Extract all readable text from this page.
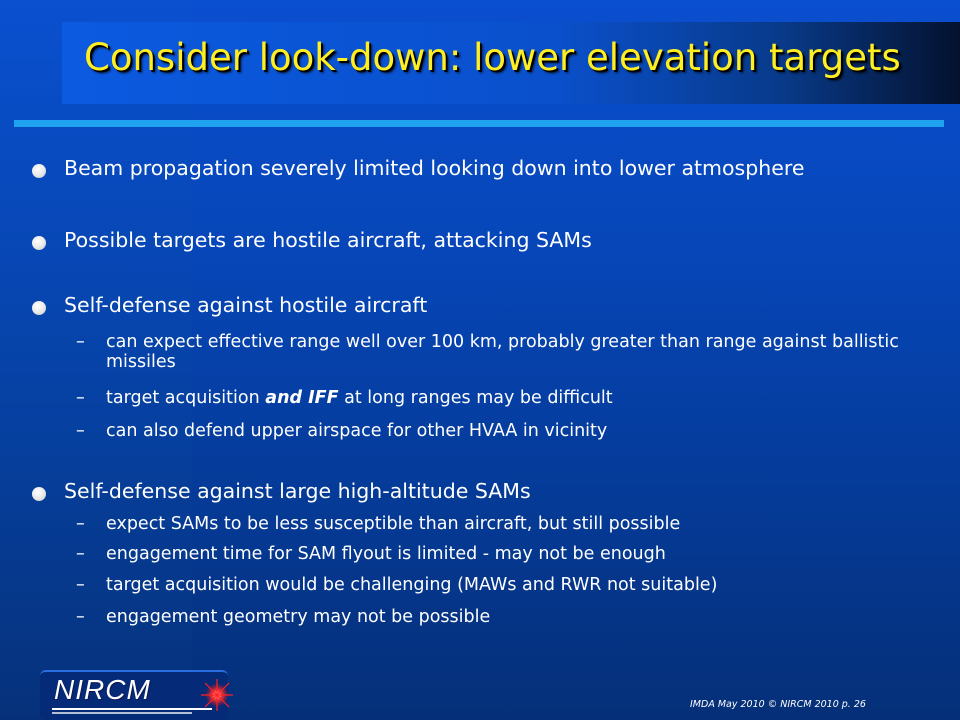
Consider look-down: lower elevation targets
Beam propagation severely limited looking down into lower atmosphere
Possible targets are hostile aircraft, attacking SAMs
Self-defense against hostile aircraft
– can expect effective range well over 100 km, probably greater than range against ballistic missiles
– target acquisition and IFF at long ranges may be difficult
– can also defend upper airspace for other HVAA in vicinity
Self-defense against large high-altitude SAMs
– expect SAMs to be less susceptible than aircraft, but still possible
– engagement time for SAM flyout is limited - may not be enough
– target acquisition would be challenging (MAWs and RWR not suitable)
– engagement geometry may not be possible
NIRCM	IMDA May 2010 © NIRCM 2010 p. 26
